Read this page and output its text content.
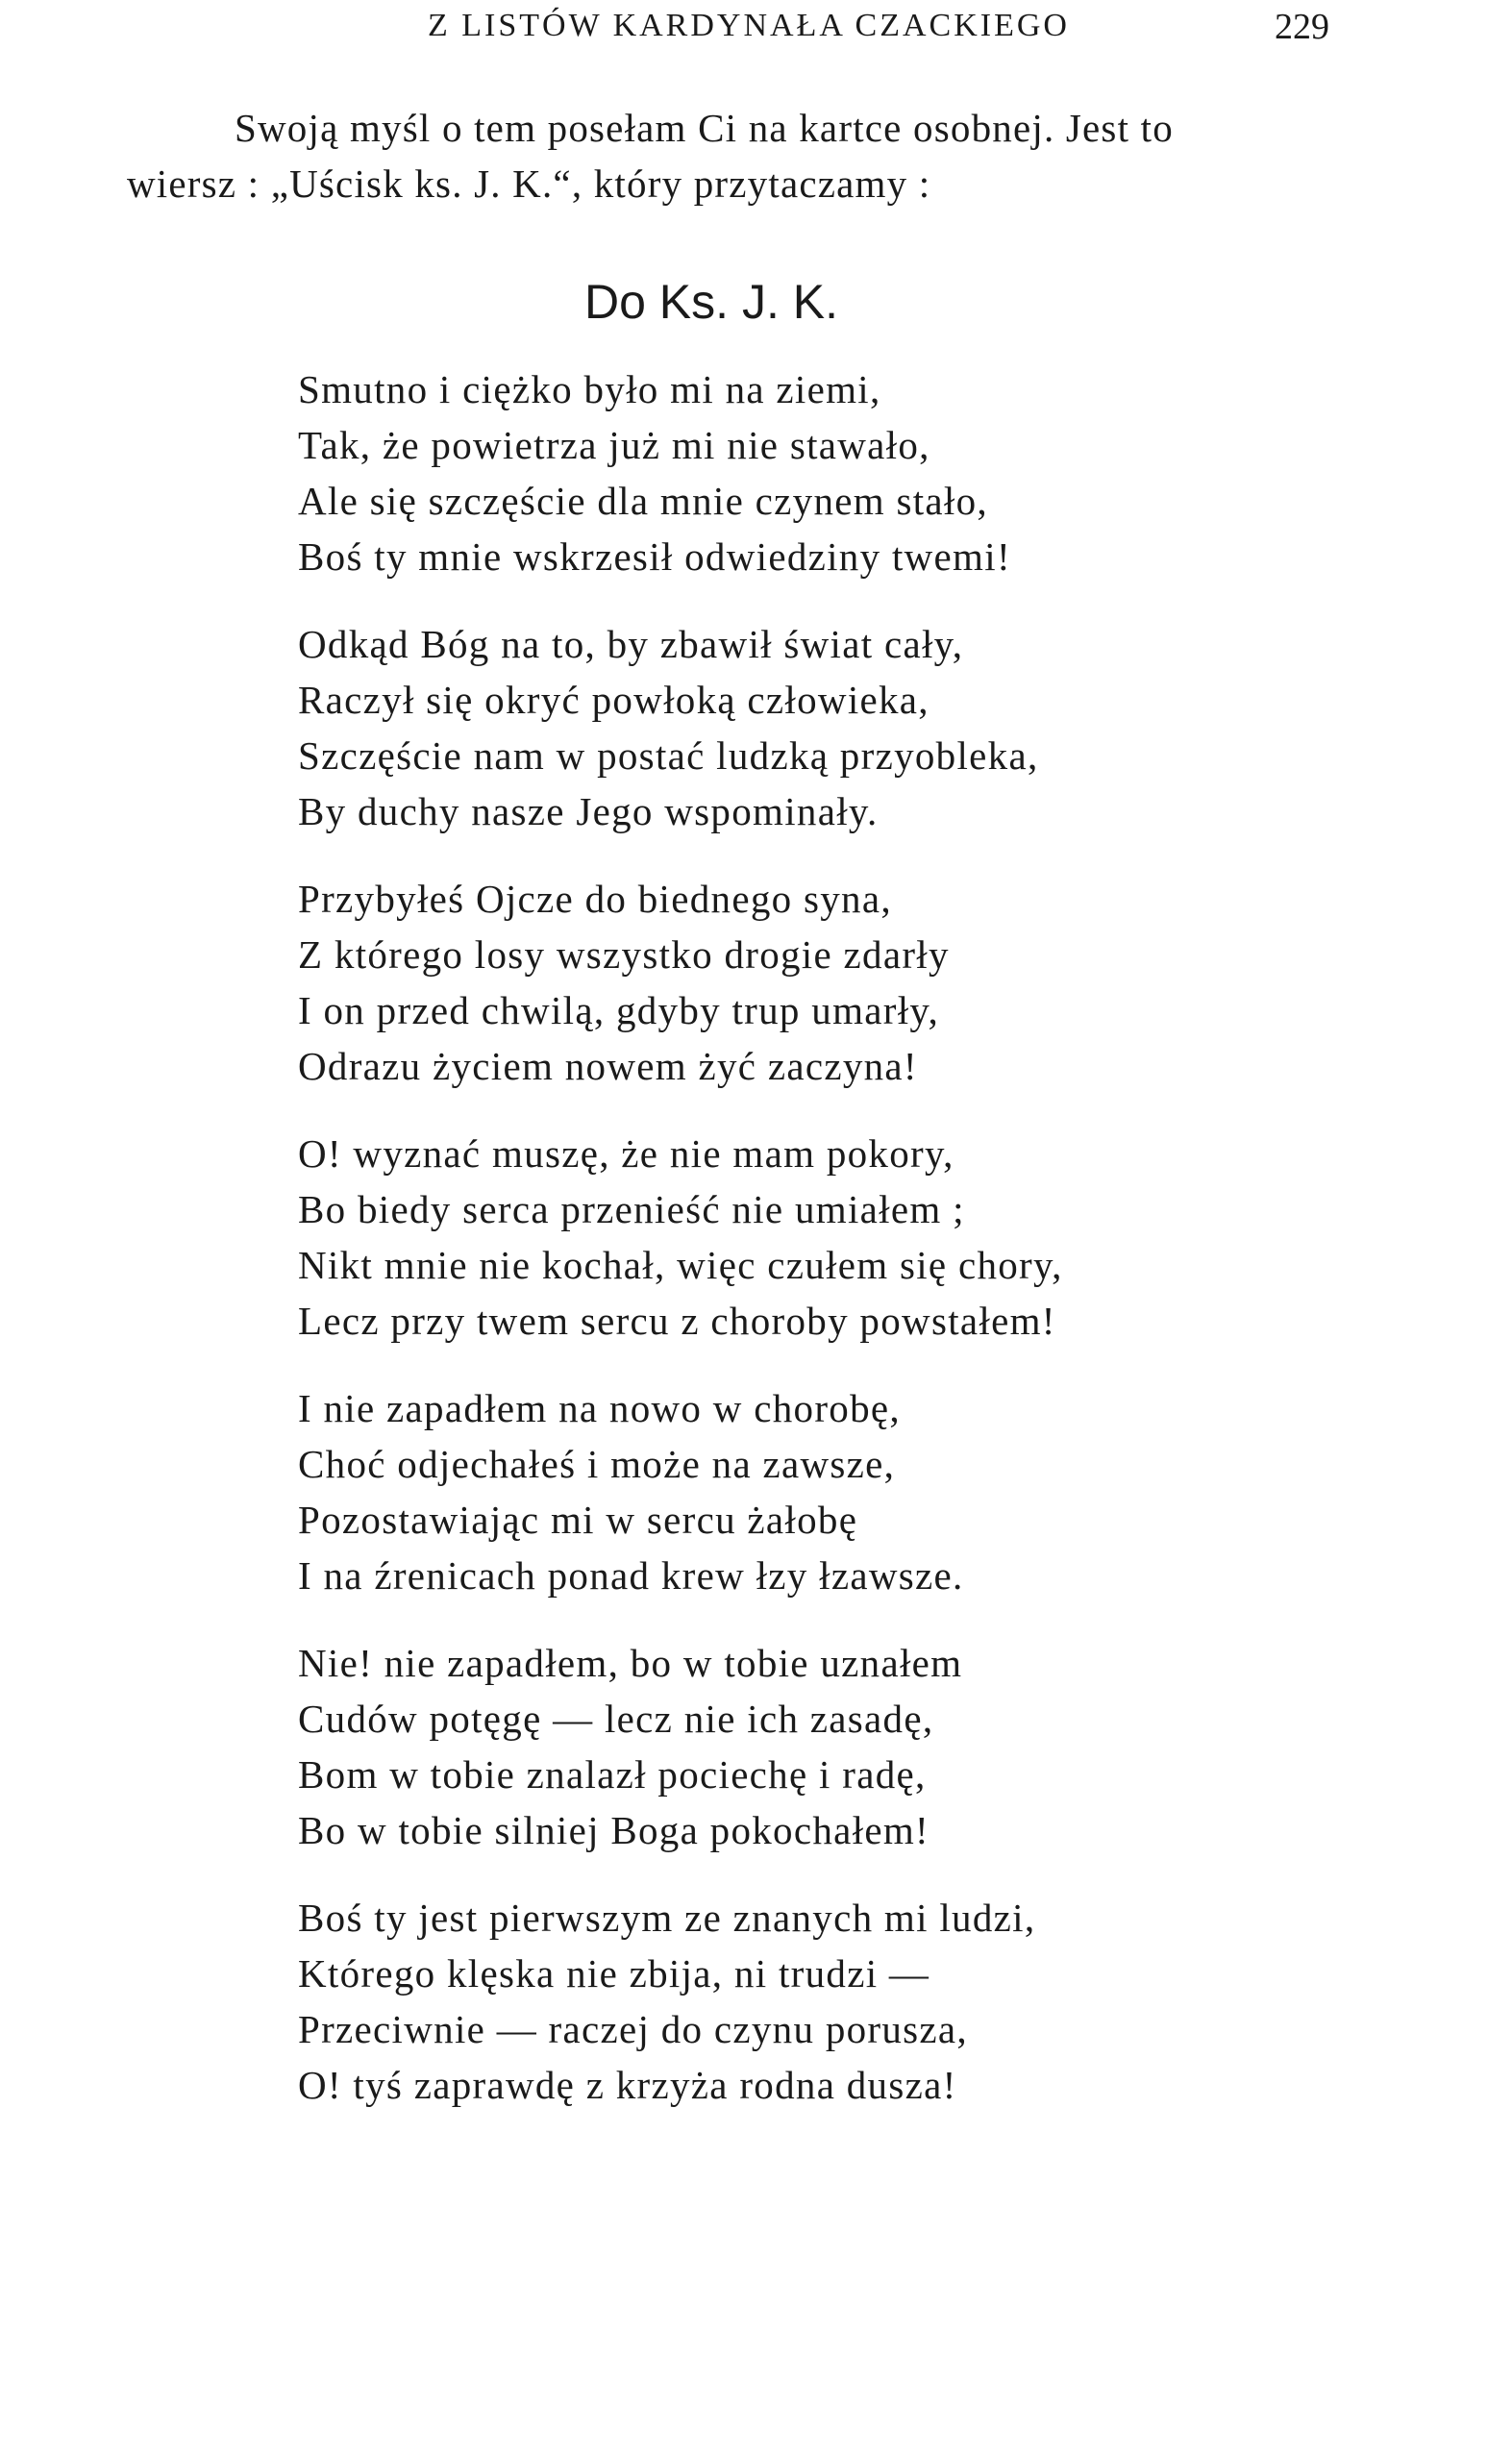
Z LISTÓW KARDYNAŁA CZACKIEGO	229
Swoją myśl o tem posełam Ci na kartce osobnej. Jest to
wiersz : „Uścisk ks. J. K.“, który przytaczamy :
Do Ks. J. K.
Smutno i ciężko było mi na ziemi,
Tak, że powietrza już mi nie stawało,
Ale się szczęście dla mnie czynem stało,
Boś ty mnie wskrzesił odwiedziny twemi!
Odkąd Bóg na to, by zbawił świat cały,
Raczył się okryć powłoką człowieka,
Szczęście nam w postać ludzką przyobleka,
By duchy nasze Jego wspominały.
Przybyłeś Ojcze do biednego syna,
Z którego losy wszystko drogie zdarły
I on przed chwilą, gdyby trup umarły,
Odrazu życiem nowem żyć zaczyna!
O! wyznać muszę, że nie mam pokory,
Bo biedy serca przenieść nie umiałem ;
Nikt mnie nie kochał, więc czułem się chory,
Lecz przy twem sercu z choroby powstałem!
I nie zapadłem na nowo w chorobę,
Choć odjechałeś i może na zawsze,
Pozostawiając mi w sercu żałobę
I na źrenicach ponad krew łzy łzawsze.
Nie! nie zapadłem, bo w tobie uznałem
Cudów potęgę — lecz nie ich zasadę,
Bom w tobie znalazł pociechę i radę,
Bo w tobie silniej Boga pokochałem!
Boś ty jest pierwszym ze znanych mi ludzi,
Którego klęska nie zbija, ni trudzi —
Przeciwnie — raczej do czynu porusza,
O! tyś zaprawdę z krzyża rodna dusza!
